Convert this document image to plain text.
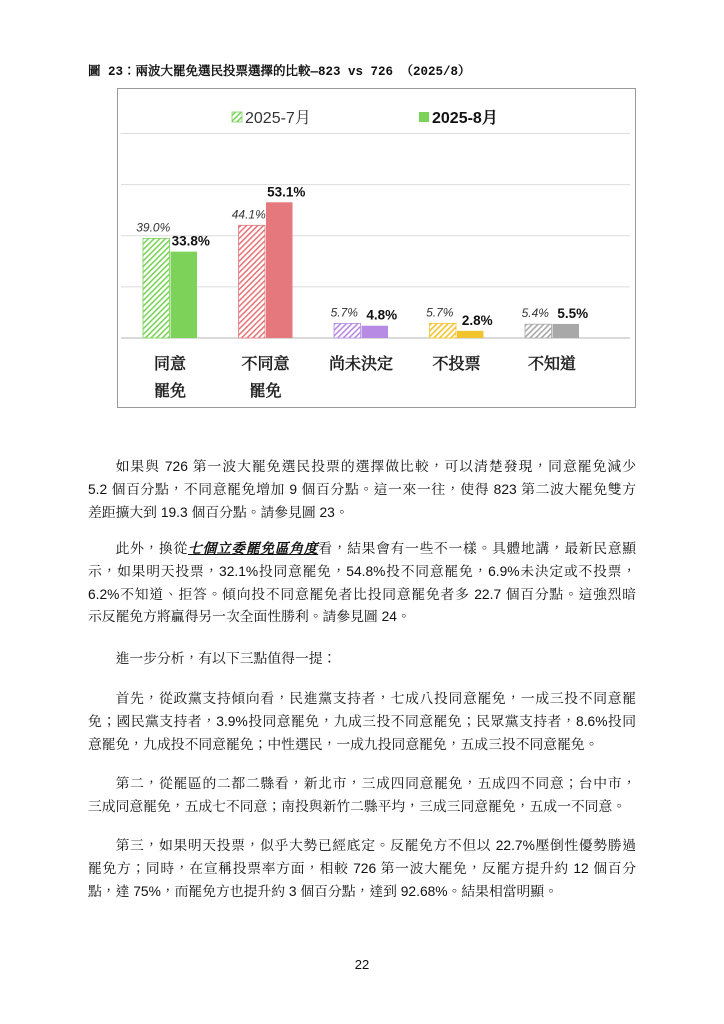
圖 23：兩波大罷免選民投票選擇的比較—823 vs 726 （2025/8）
39.0%
33.8%
44.1%
53.1%
5.7% 4.8% 5.7%
2.8% 5.4% 5.5%
2025-7月	2025-8月
同意
罷免
不同意
罷免
尚未決定	不投票	不知道
如果與 726 第一波大罷免選民投票的選擇做比較，可以清楚發現，同意罷免減少
5.2 個百分點，不同意罷免增加 9 個百分點。這一來一往，使得 823 第二波大罷免雙方
差距擴大到 19.3 個百分點。請參見圖 23。
此外，換從七個立委罷免區角度看，結果會有一些不一樣。具體地講，最新民意顯
示，如果明天投票，32.1%投同意罷免，54.8%投不同意罷免，6.9%未決定或不投票，
6.2%不知道、拒答。傾向投不同意罷免者比投同意罷免者多 22.7 個百分點。這強烈暗
示反罷免方將贏得另一次全面性勝利。請參見圖 24。
進一步分析，有以下三點值得一提：
首先，從政黨支持傾向看，民進黨支持者，七成八投同意罷免，一成三投不同意罷
免；國民黨支持者，3.9%投同意罷免，九成三投不同意罷免；民眾黨支持者，8.6%投同
意罷免，九成投不同意罷免；中性選民，一成九投同意罷免，五成三投不同意罷免。
第二，從罷區的二都二縣看，新北市，三成四同意罷免，五成四不同意；台中市，
三成同意罷免，五成七不同意；南投與新竹二縣平均，三成三同意罷免，五成一不同意。
第三，如果明天投票，似乎大勢已經底定。反罷免方不但以 22.7%壓倒性優勢勝過
罷免方；同時，在宣稱投票率方面，相較 726 第一波大罷免，反罷方提升約 12 個百分
點，達 75%，而罷免方也提升約 3 個百分點，達到 92.68%。結果相當明顯。
22
